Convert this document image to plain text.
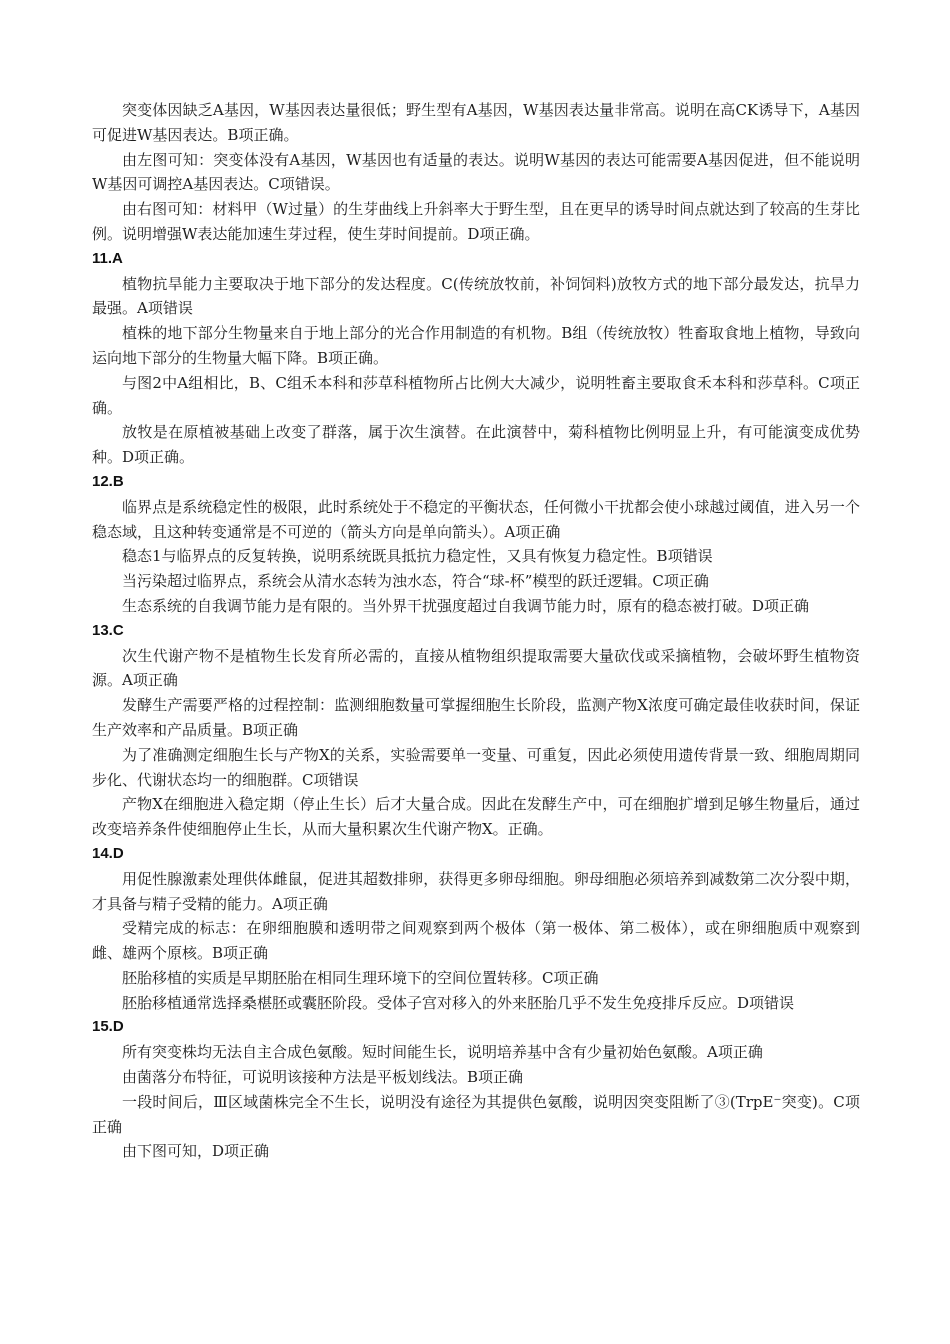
突变体因缺乏A基因，W基因表达量很低；野生型有A基因，W基因表达量非常高。说明在高CK诱导下，A基因可促进W基因表达。B项正确。

由左图可知：突变体没有A基因，W基因也有适量的表达。说明W基因的表达可能需要A基因促进，但不能说明W基因可调控A基因表达。C项错误。

由右图可知：材料甲（W过量）的生芽曲线上升斜率大于野生型，且在更早的诱导时间点就达到了较高的生芽比例。说明增强W表达能加速生芽过程，使生芽时间提前。D项正确。

11.A

植物抗旱能力主要取决于地下部分的发达程度。C(传统放牧前，补饲饲料)放牧方式的地下部分最发达，抗旱力最强。A项错误

植株的地下部分生物量来自于地上部分的光合作用制造的有机物。B组（传统放牧）牲畜取食地上植物，导致向运向地下部分的生物量大幅下降。B项正确。

与图2中A组相比，B、C组禾本科和莎草科植物所占比例大大减少，说明牲畜主要取食禾本科和莎草科。C项正确。

放牧是在原植被基础上改变了群落，属于次生演替。在此演替中，菊科植物比例明显上升，有可能演变成优势种。D项正确。

12.B

临界点是系统稳定性的极限，此时系统处于不稳定的平衡状态，任何微小干扰都会使小球越过阈值，进入另一个稳态域，且这种转变通常是不可逆的（箭头方向是单向箭头）。A项正确

稳态1与临界点的反复转换，说明系统既具抵抗力稳定性，又具有恢复力稳定性。B项错误

当污染超过临界点，系统会从清水态转为浊水态，符合“球-杯”模型的跃迁逻辑。C项正确

生态系统的自我调节能力是有限的。当外界干扰强度超过自我调节能力时，原有的稳态被打破。D项正确

13.C

次生代谢产物不是植物生长发育所必需的，直接从植物组织提取需要大量砍伐或采摘植物，会破坏野生植物资源。A项正确

发酵生产需要严格的过程控制：监测细胞数量可掌握细胞生长阶段，监测产物X浓度可确定最佳收获时间，保证生产效率和产品质量。B项正确

为了准确测定细胞生长与产物X的关系，实验需要单一变量、可重复，因此必须使用遗传背景一致、细胞周期同步化、代谢状态均一的细胞群。C项错误

产物X在细胞进入稳定期（停止生长）后才大量合成。因此在发酵生产中，可在细胞扩增到足够生物量后，通过改变培养条件使细胞停止生长，从而大量积累次生代谢产物X。正确。

14.D

用促性腺激素处理供体雌鼠，促进其超数排卵，获得更多卵母细胞。卵母细胞必须培养到减数第二次分裂中期，才具备与精子受精的能力。A项正确

受精完成的标志：在卵细胞膜和透明带之间观察到两个极体（第一极体、第二极体），或在卵细胞质中观察到雌、雄两个原核。B项正确

胚胎移植的实质是早期胚胎在相同生理环境下的空间位置转移。C项正确

胚胎移植通常选择桑椹胚或囊胚阶段。受体子宫对移入的外来胚胎几乎不发生免疫排斥反应。D项错误

15.D

所有突变株均无法自主合成色氨酸。短时间能生长，说明培养基中含有少量初始色氨酸。A项正确

由菌落分布特征，可说明该接种方法是平板划线法。B项正确

一段时间后，Ⅲ区域菌株完全不生长，说明没有途径为其提供色氨酸，说明因突变阻断了③(TrpE⁻突变)。C项正确

由下图可知，D项正确
